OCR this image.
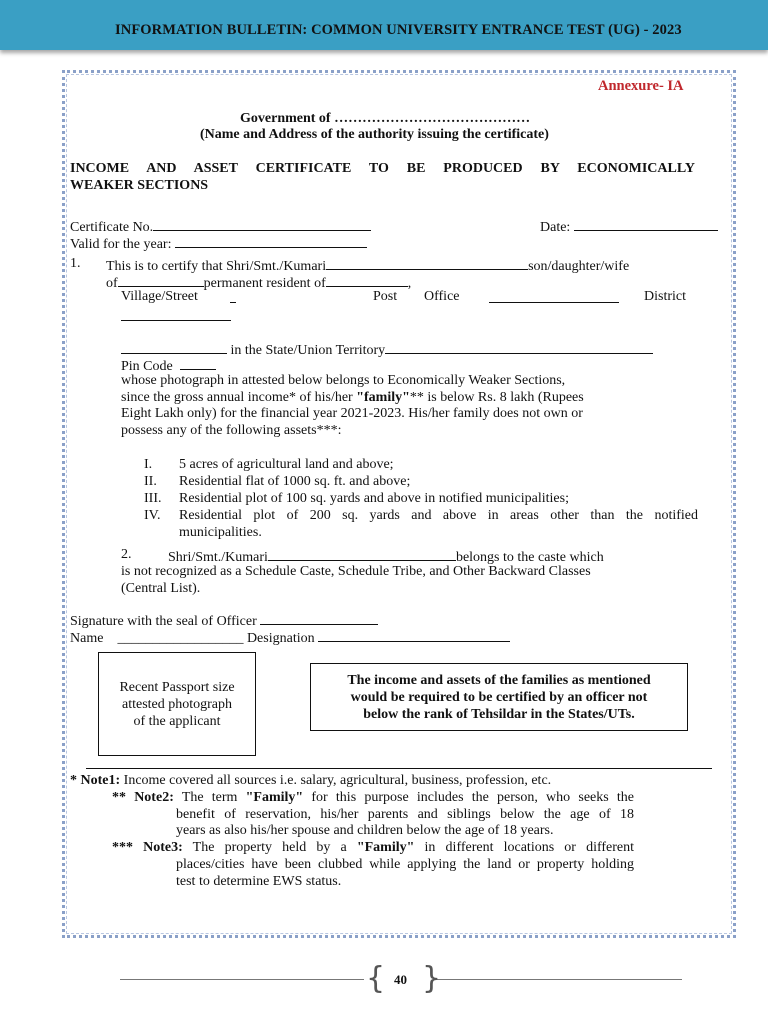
INFORMATION BULLETIN: COMMON UNIVERSITY ENTRANCE TEST (UG) - 2023
Annexure- IA
Government of ……………………………………
(Name and Address of the authority issuing the certificate)
INCOME AND ASSET CERTIFICATE TO BE PRODUCED BY ECONOMICALLY
WEAKER SECTIONS
Certificate No.	Date:
Valid for the year:
1. This is to certify that Shri/Smt./Kumari	son/daughter/wife
of	permanent resident of	,
Village/Street	Post Office	District
in the State/Union Territory
Pin Code
whose photograph in attested below belongs to Economically Weaker Sections,
since the gross annual income* of his/her "family"** is below Rs. 8 lakh (Rupees
Eight Lakh only) for the financial year 2021-2023. His/her family does not own or
possess any of the following assets***:
I. 5 acres of agricultural land and above;
II. Residential flat of 1000 sq. ft. and above;
III. Residential plot of 100 sq. yards and above in notified municipalities;
IV. Residential plot of 200 sq. yards and above in areas other than the notified
municipalities.
2.	Shri/Smt./Kumari	belongs to the caste which
is not recognized as a Schedule Caste, Schedule Tribe, and Other Backward Classes
(Central List).
Signature with the seal of Officer
Name __________________ Designation
Recent Passport size
attested photograph
of the applicant
The income and assets of the families as mentioned
would be required to be certified by an officer not
below the rank of Tehsildar in the States/UTs.
* Note1: Income covered all sources i.e. salary, agricultural, business, profession, etc.
** Note2: The term "Family" for this purpose includes the person, who seeks the
benefit of reservation, his/her parents and siblings below the age of 18
years as also his/her spouse and children below the age of 18 years.
*** Note3: The property held by a "Family" in different locations or different
places/cities have been clubbed while applying the land or property holding
test to determine EWS status.
{ }
40
